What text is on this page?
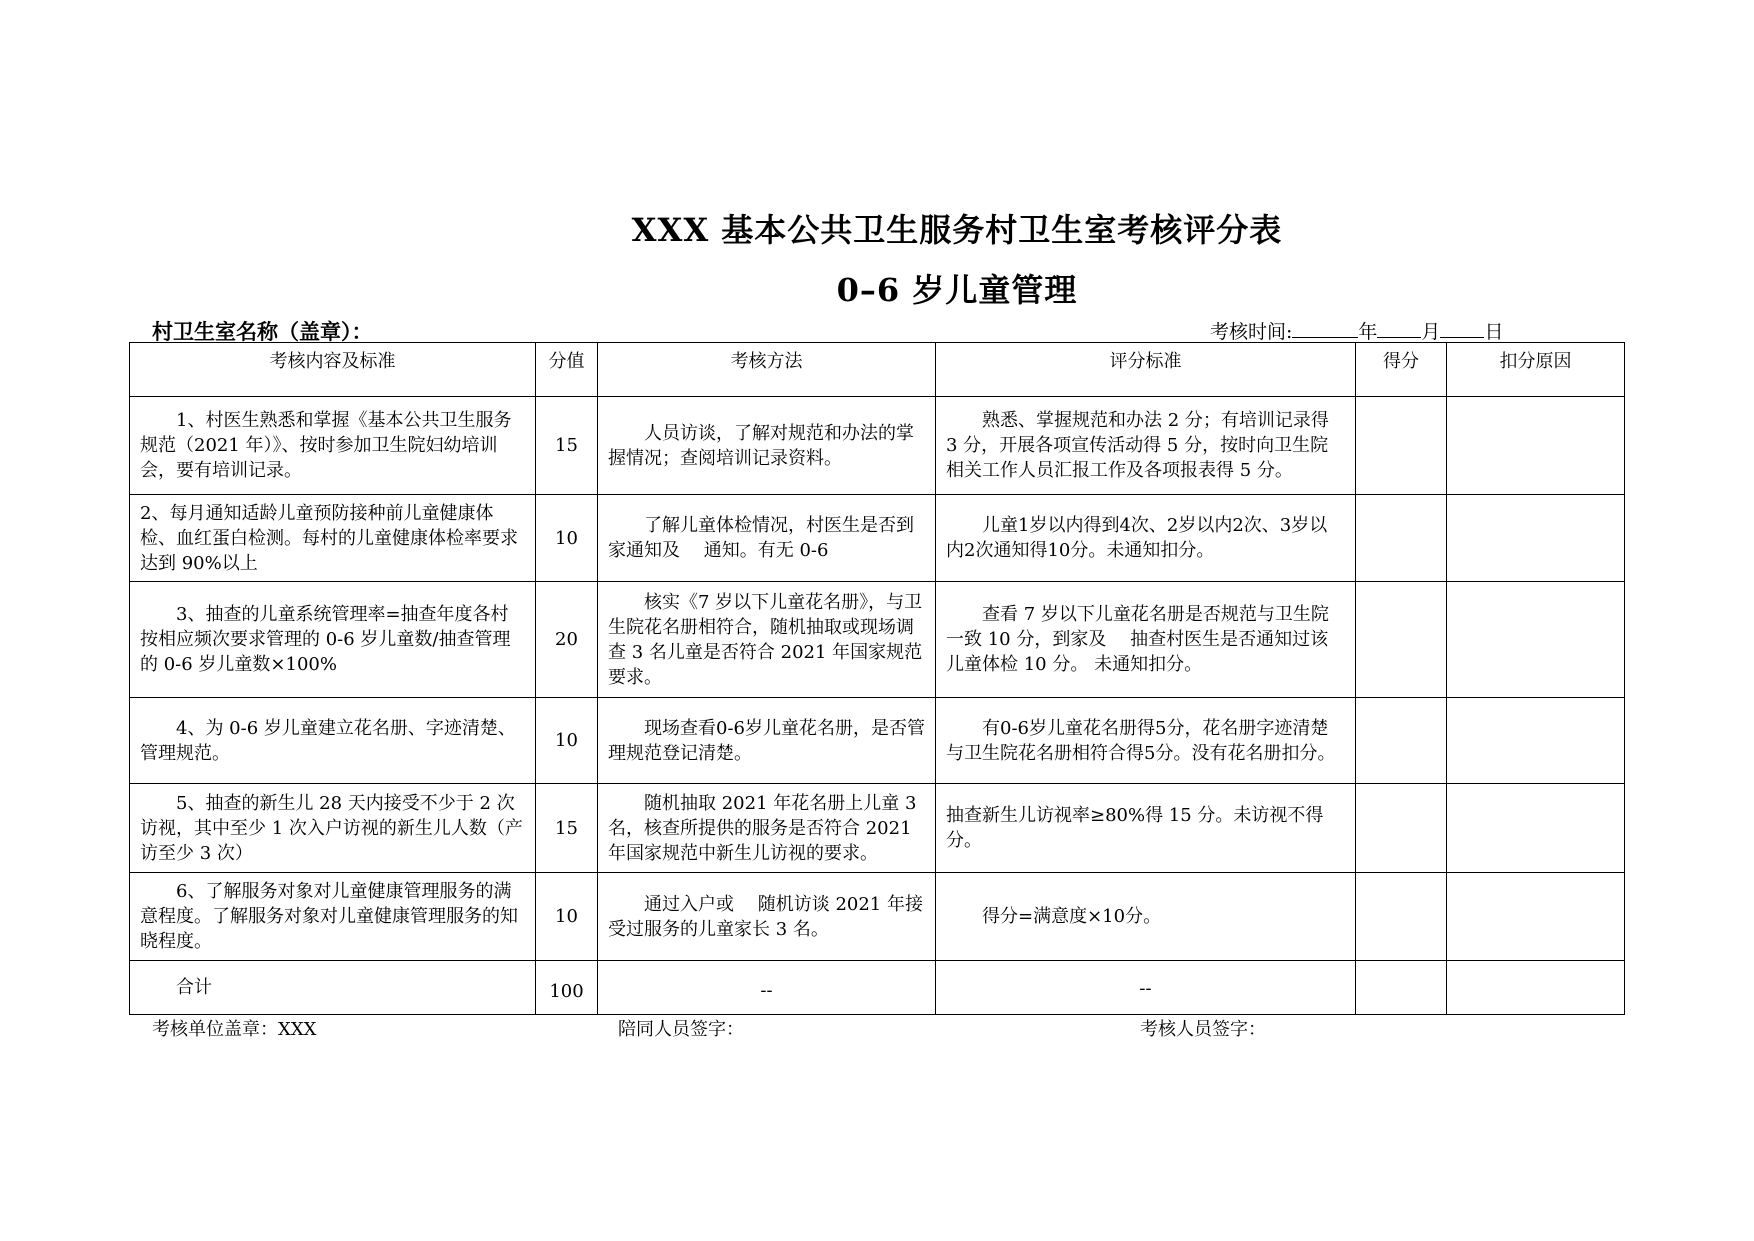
XXX 基本公共卫生服务村卫生室考核评分表
0–6 岁儿童管理
村卫生室名称（盖章）：	考核时间:	年 月 日
考核内容及标准	分值	考核方法	评分标准	得分	扣分原因
1、村医生熟悉和掌握《基本公共卫生服务规范（2021 年）》、按时参加卫生院妇幼培训会，要有培训记录。	15	人员访谈，了解对规范和办法的掌握情况；查阅培训记录资料。	熟悉、掌握规范和办法 2 分；有培训记录得 3 分，开展各项宣传活动得 5 分，按时向卫生院相关工作人员汇报工作及各项报表得 5 分。		
2、每月通知适龄儿童预防接种前儿童健康体检、血红蛋白检测。每村的儿童健康体检率要求达到 90%以上	10	了解儿童体检情况，村医生是否到家通知及　 通知。有无 0-6	儿童1岁以内得到4次、2岁以内2次、3岁以内2次通知得10分。未通知扣分。		
3、抽查的儿童系统管理率=抽查年度各村按相应频次要求管理的 0-6 岁儿童数/抽查管理的 0-6 岁儿童数×100%	20	核实《7 岁以下儿童花名册》，与卫生院花名册相符合，随机抽取或现场调查 3 名儿童是否符合 2021 年国家规范要求。	查看 7 岁以下儿童花名册是否规范与卫生院一致 10 分，到家及　 抽查村医生是否通知过该儿童体检 10 分。 未通知扣分。		
4、为 0-6 岁儿童建立花名册、字迹清楚、管理规范。	10	现场查看0-6岁儿童花名册，是否管理规范登记清楚。	有0-6岁儿童花名册得5分，花名册字迹清楚与卫生院花名册相符合得5分。没有花名册扣分。		
5、抽查的新生儿 28 天内接受不少于 2 次访视，其中至少 1 次入户访视的新生儿人数（产访至少 3 次）	15	随机抽取 2021 年花名册上儿童 3 名，核查所提供的服务是否符合 2021 年国家规范中新生儿访视的要求。	抽查新生儿访视率≥80%得 15 分。未访视不得分。		
6、了解服务对象对儿童健康管理服务的满意程度。了解服务对象对儿童健康管理服务的知晓程度。	10	通过入户或　 随机访谈 2021 年接受过服务的儿童家长 3 名。	得分=满意度×10分。		
合计	100	--	--		
考核单位盖章：XXX	陪同人员签字：	考核人员签字：
